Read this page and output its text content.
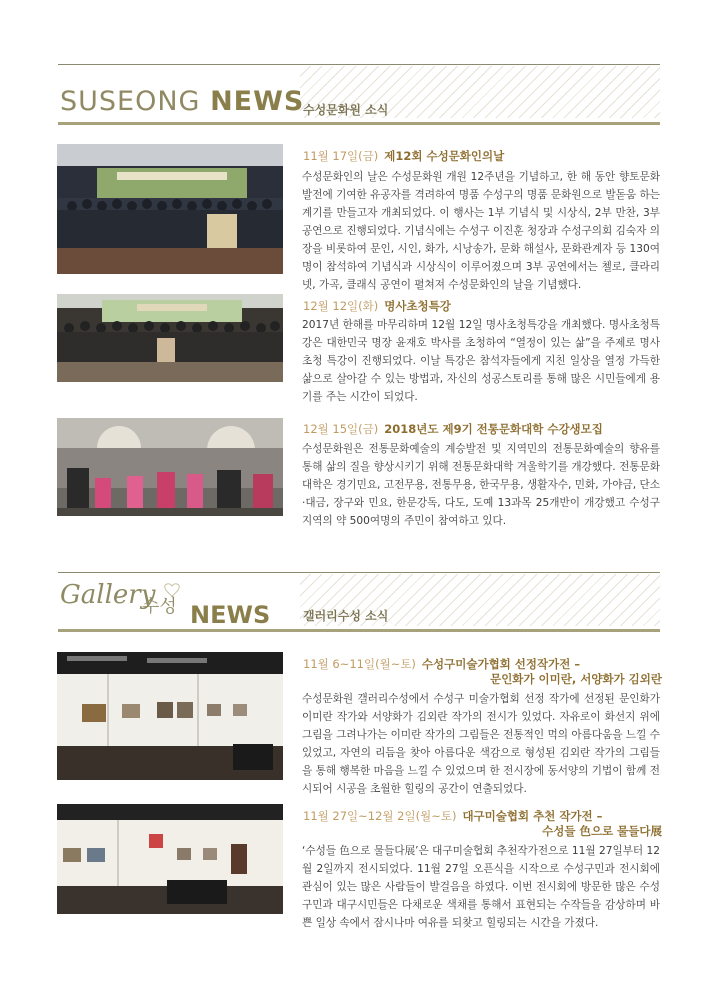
SUSEONG NEWS
수성문화원 소식
11월 17일(금) 제12회 수성문화인의날
수성문화인의 날은 수성문화원 개원 12주년을 기념하고, 한 해 동안 향토문화발전에 기여한 유공자를 격려하여 명품 수성구의 명품 문화원으로 발돋움 하는 계기를 만들고자 개최되었다. 이 행사는 1부 기념식 및 시상식, 2부 만찬, 3부 공연으로 진행되었다. 기념식에는 수성구 이진훈 청장과 수성구의회 김숙자 의장을 비롯하여 문인, 시인, 화가, 시낭송가, 문화 해설사, 문화관계자 등 130여명이 참석하여 기념식과 시상식이 이루어졌으며 3부 공연에서는 첼로, 클라리넷, 가곡, 클래식 공연이 펼쳐져 수성문화인의 날을 기념했다.
12월 12일(화) 명사초청특강
2017년 한해를 마무리하며 12월 12일 명사초청특강을 개최했다. 명사초청특강은 대한민국 명장 윤재호 박사를 초청하여 “열정이 있는 삶”을 주제로 명사초청 특강이 진행되었다. 이날 특강은 참석자들에게 지친 일상을 열정 가득한 삶으로 살아갈 수 있는 방법과, 자신의 성공스토리를 통해 많은 시민들에게 용기를 주는 시간이 되었다.
12월 15일(금) 2018년도 제9기 전통문화대학 수강생모집
수성문화원은 전통문화예술의 계승발전 및 지역민의 전통문화예술의 향유를 통해 삶의 질을 향상시키기 위해 전통문화대학 겨울학기를 개강했다. 전통문화대학은 경기민요, 고전무용, 전통무용, 한국무용, 생활자수, 민화, 가야금, 단소·대금, 장구와 민요, 한문강독, 다도, 도예 13과목 25개반이 개강했고 수성구 지역의 약 500여명의 주민이 참여하고 있다.
Gallery
수성 NEWS	갤러리수성 소식
11월 6~11일(월~토) 수성구미술가협회 선정작가전 –
문인화가 이미란, 서양화가 김외란
수성문화원 갤러리수성에서 수성구 미술가협회 선정 작가에 선정된 문인화가 이미란 작가와 서양화가 김외란 작가의 전시가 있었다. 자유로이 화선지 위에 그림을 그려나가는 이미란 작가의 그림들은 전통적인 먹의 아름다움을 느낄 수 있었고, 자연의 리듬을 찾아 아름다운 색감으로 형성된 김외란 작가의 그림들을 통해 행복한 마음을 느낄 수 있었으며 한 전시장에 동서양의 기법이 함께 전시되어 시공을 초월한 힐링의 공간이 연출되었다.
11월 27일~12월 2일(월~토) 대구미술협회 추천 작가전 –
수성들 色으로 물들다展
‘수성들 色으로 물들다展’은 대구미술협회 추천작가전으로 11월 27일부터 12월 2일까지 전시되었다. 11월 27일 오픈식을 시작으로 수성구민과 전시회에 관심이 있는 많은 사람들이 발걸음을 하였다. 이번 전시회에 방문한 많은 수성구민과 대구시민들은 다채로운 색채를 통해서 표현되는 수작들을 감상하며 바쁜 일상 속에서 잠시나마 여유를 되찾고 힐링되는 시간을 가졌다.
